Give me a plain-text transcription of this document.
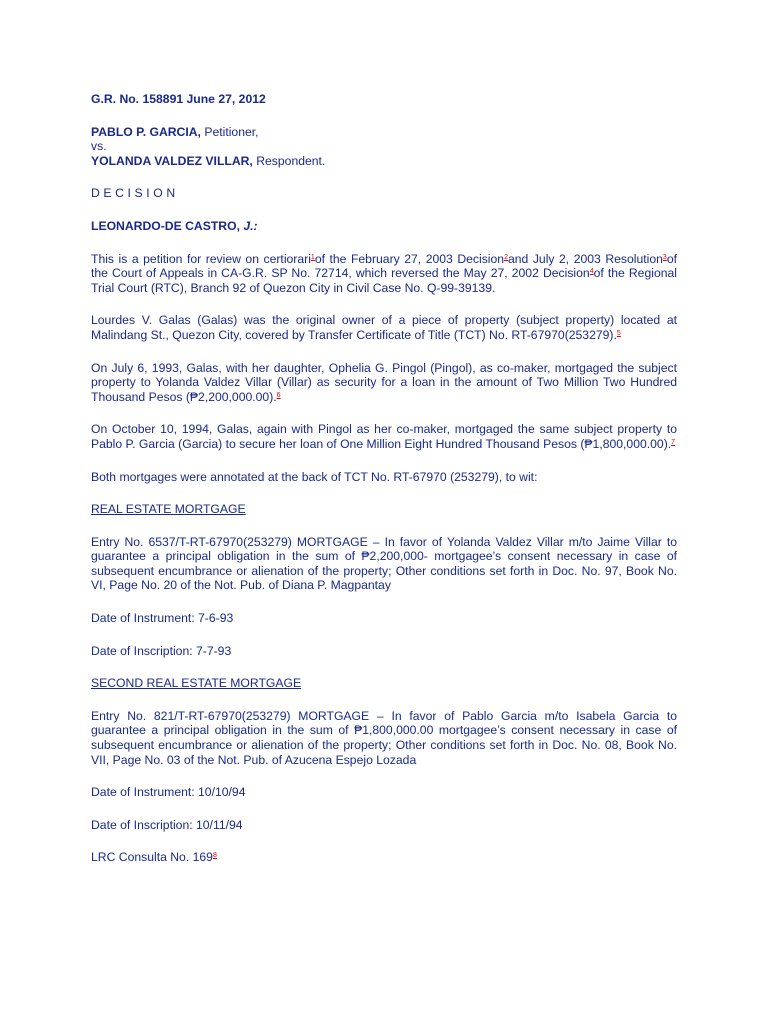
G.R. No. 158891 June 27, 2012

PABLO P. GARCIA, Petitioner,

vs.

YOLANDA VALDEZ VILLAR, Respondent.

DECISION

LEONARDO-DE CASTRO, J.:

This is a petition for review on certiorari$^1$of the February 27, 2003 Decision$^2$and July 2, 2003 Resolution$^3$of the Court of Appeals in CA-G.R. SP No. 72714, which reversed the May 27, 2002 Decision$^4$of the Regional Trial Court (RTC), Branch 92 of Quezon City in Civil Case No. Q-99-39139.

Lourdes V. Galas (Galas) was the original owner of a piece of property (subject property) located at Malindang St., Quezon City, covered by Transfer Certificate of Title (TCT) No. RT-67970(253279).$^5$

On July 6, 1993, Galas, with her daughter, Ophelia G. Pingol (Pingol), as co-maker, mortgaged the subject property to Yolanda Valdez Villar (Villar) as security for a loan in the amount of Two Million Two Hundred Thousand Pesos (₱2,200,000.00).$^6$

On October 10, 1994, Galas, again with Pingol as her co-maker, mortgaged the same subject property to Pablo P. Garcia (Garcia) to secure her loan of One Million Eight Hundred Thousand Pesos (₱1,800,000.00).$^7$

Both mortgages were annotated at the back of TCT No. RT-67970 (253279), to wit:

REAL ESTATE MORTGAGE

Entry No. 6537/T-RT-67970(253279) MORTGAGE – In favor of Yolanda Valdez Villar m/to Jaime Villar to guarantee a principal obligation in the sum of ₱2,200,000- mortgagee’s consent necessary in case of subsequent encumbrance or alienation of the property; Other conditions set forth in Doc. No. 97, Book No. VI, Page No. 20 of the Not. Pub. of Diana P. Magpantay

Date of Instrument: 7-6-93

Date of Inscription: 7-7-93

SECOND REAL ESTATE MORTGAGE

Entry No. 821/T-RT-67970(253279) MORTGAGE – In favor of Pablo Garcia m/to Isabela Garcia to guarantee a principal obligation in the sum of ₱1,800,000.00 mortgagee’s consent necessary in case of subsequent encumbrance or alienation of the property; Other conditions set forth in Doc. No. 08, Book No. VII, Page No. 03 of the Not. Pub. of Azucena Espejo Lozada

Date of Instrument: 10/10/94

Date of Inscription: 10/11/94

LRC Consulta No. 169$^8$
